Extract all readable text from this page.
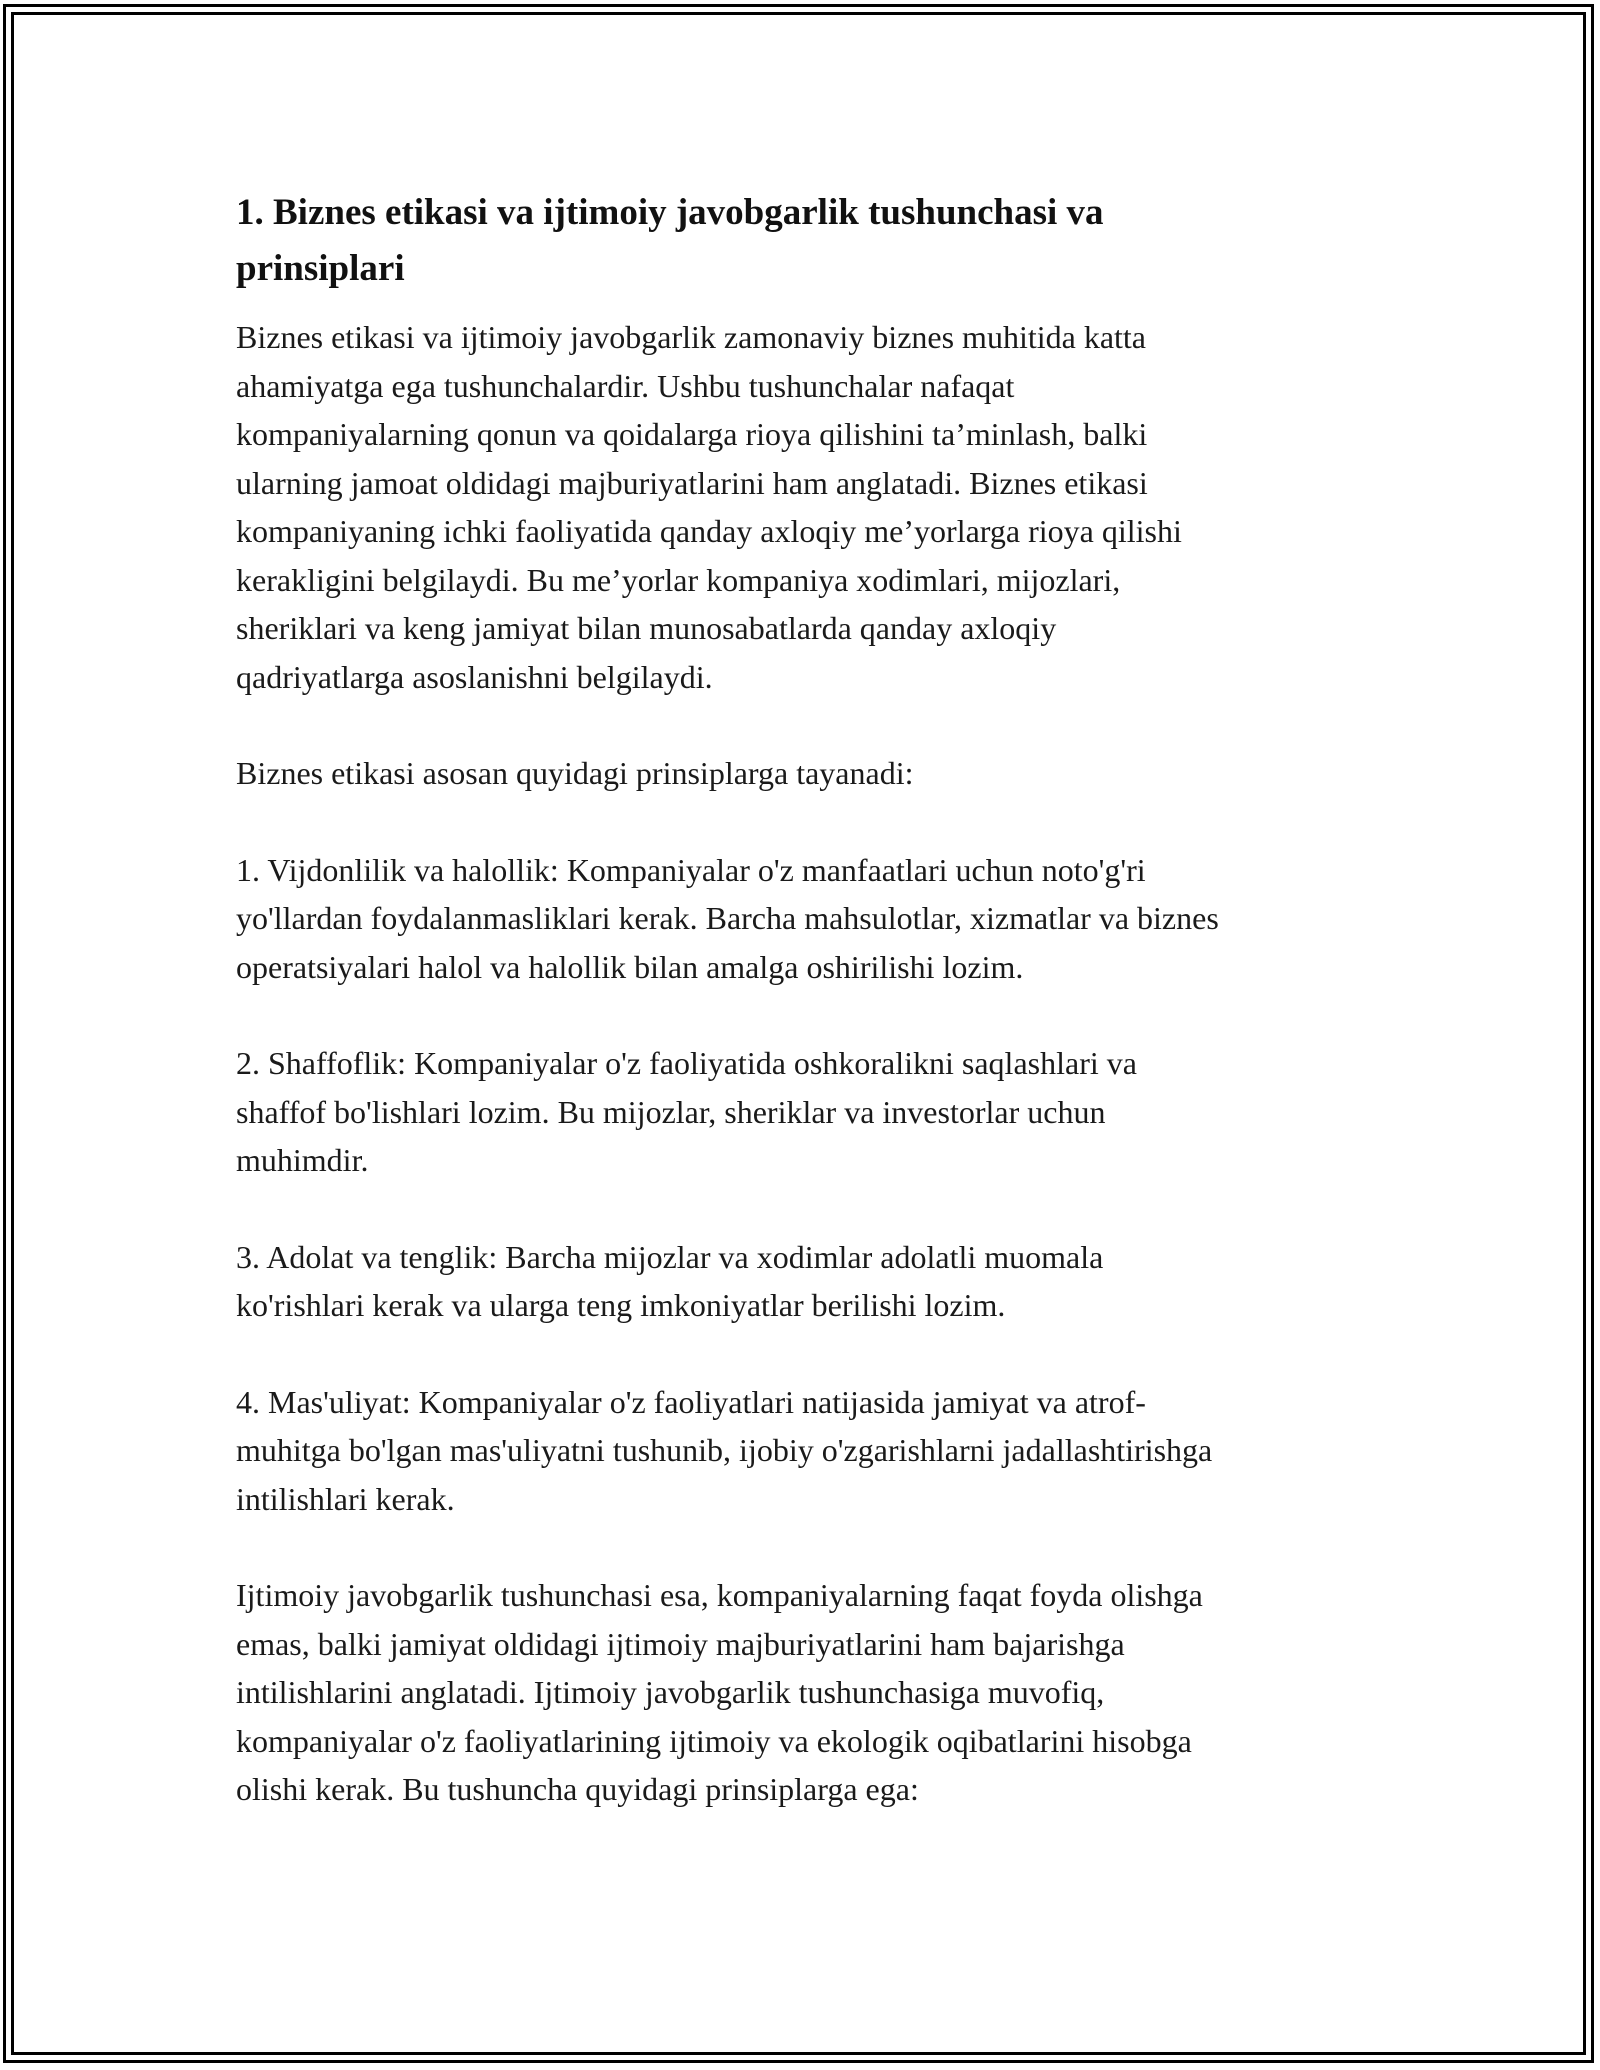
1. Biznes etikasi va ijtimoiy javobgarlik tushunchasi va
prinsiplari

Biznes etikasi va ijtimoiy javobgarlik zamonaviy biznes muhitida katta
ahamiyatga ega tushunchalardir. Ushbu tushunchalar nafaqat
kompaniyalarning qonun va qoidalarga rioya qilishini ta’minlash, balki
ularning jamoat oldidagi majburiyatlarini ham anglatadi. Biznes etikasi
kompaniyaning ichki faoliyatida qanday axloqiy me’yorlarga rioya qilishi
kerakligini belgilaydi. Bu me’yorlar kompaniya xodimlari, mijozlari,
sheriklari va keng jamiyat bilan munosabatlarda qanday axloqiy
qadriyatlarga asoslanishni belgilaydi.

Biznes etikasi asosan quyidagi prinsiplarga tayanadi:

1. Vijdonlilik va halollik: Kompaniyalar o'z manfaatlari uchun noto'g'ri
yo'llardan foydalanmasliklari kerak. Barcha mahsulotlar, xizmatlar va biznes
operatsiyalari halol va halollik bilan amalga oshirilishi lozim.

2. Shaffoflik: Kompaniyalar o'z faoliyatida oshkoralikni saqlashlari va
shaffof bo'lishlari lozim. Bu mijozlar, sheriklar va investorlar uchun
muhimdir.

3. Adolat va tenglik: Barcha mijozlar va xodimlar adolatli muomala
ko'rishlari kerak va ularga teng imkoniyatlar berilishi lozim.

4. Mas'uliyat: Kompaniyalar o'z faoliyatlari natijasida jamiyat va atrof-
muhitga bo'lgan mas'uliyatni tushunib, ijobiy o'zgarishlarni jadallashtirishga
intilishlari kerak.

Ijtimoiy javobgarlik tushunchasi esa, kompaniyalarning faqat foyda olishga
emas, balki jamiyat oldidagi ijtimoiy majburiyatlarini ham bajarishga
intilishlarini anglatadi. Ijtimoiy javobgarlik tushunchasiga muvofiq,
kompaniyalar o'z faoliyatlarining ijtimoiy va ekologik oqibatlarini hisobga
olishi kerak. Bu tushuncha quyidagi prinsiplarga ega:
